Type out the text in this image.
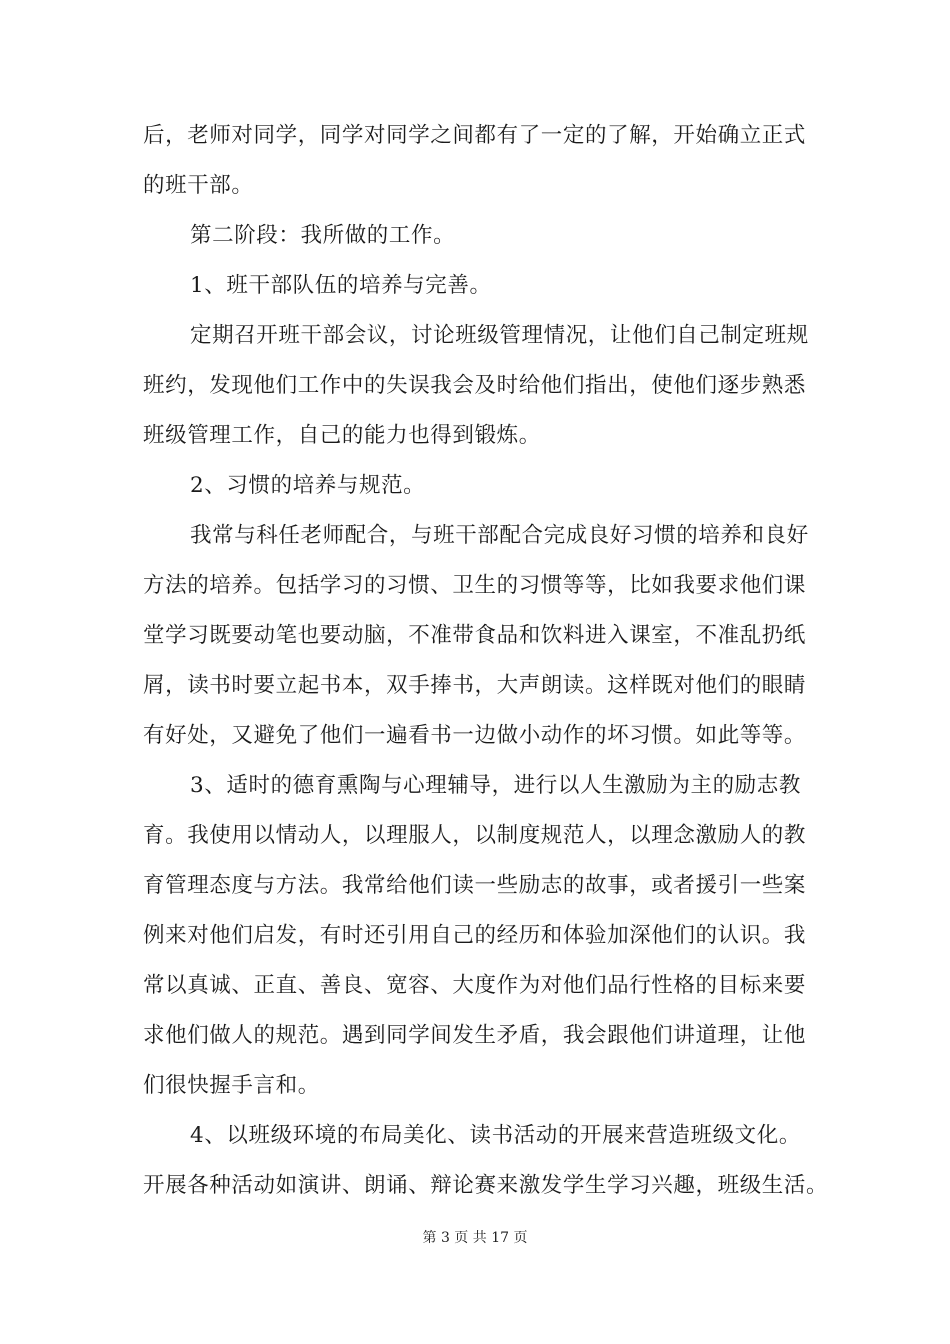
后，老师对同学，同学对同学之间都有了一定的了解，开始确立正式
的班干部。
第二阶段：我所做的工作。
1、班干部队伍的培养与完善。
定期召开班干部会议，讨论班级管理情况，让他们自己制定班规
班约，发现他们工作中的失误我会及时给他们指出，使他们逐步熟悉
班级管理工作，自己的能力也得到锻炼。
2、习惯的培养与规范。
我常与科任老师配合，与班干部配合完成良好习惯的培养和良好
方法的培养。包括学习的习惯、卫生的习惯等等，比如我要求他们课
堂学习既要动笔也要动脑，不准带食品和饮料进入课室，不准乱扔纸
屑，读书时要立起书本，双手捧书，大声朗读。这样既对他们的眼睛
有好处，又避免了他们一遍看书一边做小动作的坏习惯。如此等等。
3、适时的德育熏陶与心理辅导，进行以人生激励为主的励志教
育。我使用以情动人，以理服人，以制度规范人，以理念激励人的教
育管理态度与方法。我常给他们读一些励志的故事，或者援引一些案
例来对他们启发，有时还引用自己的经历和体验加深他们的认识。我
常以真诚、正直、善良、宽容、大度作为对他们品行性格的目标来要
求他们做人的规范。遇到同学间发生矛盾，我会跟他们讲道理，让他
们很快握手言和。
4、以班级环境的布局美化、读书活动的开展来营造班级文化。
开展各种活动如演讲、朗诵、辩论赛来激发学生学习兴趣，班级生活。
第 3 页 共 17 页
